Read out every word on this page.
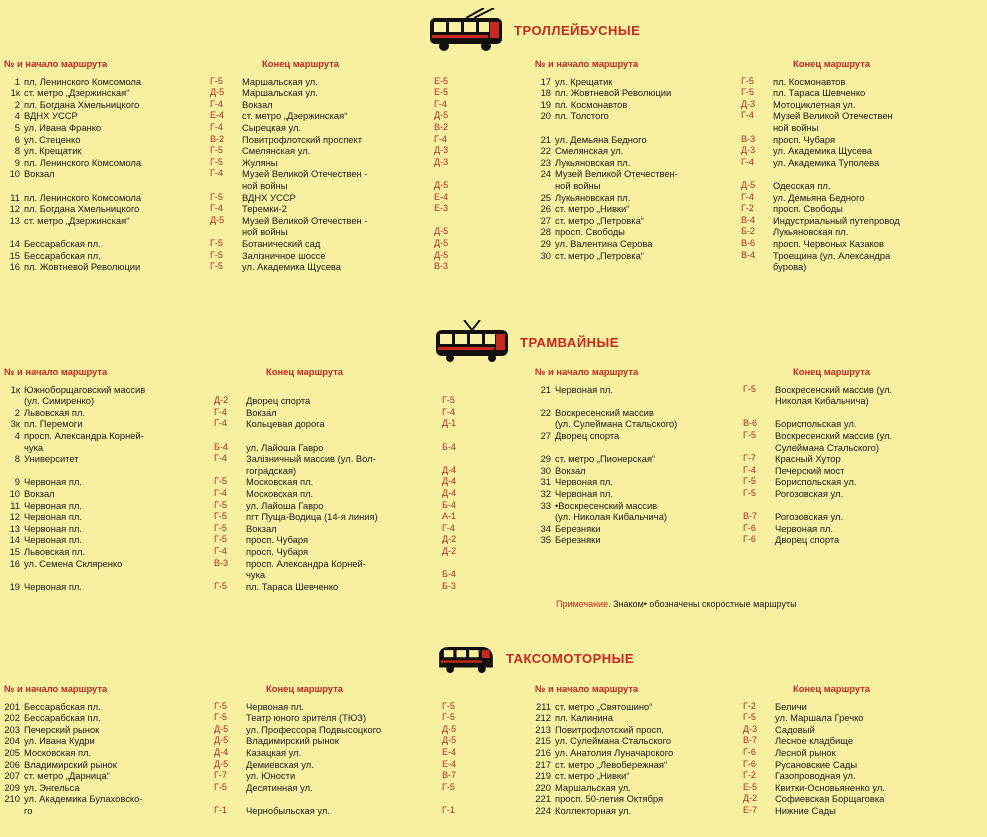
ТРОЛЛЕЙБУСНЫЕ
№ и начало маршрута	Конец маршрута
1 пл. Ленинского Комсомола	Г-5	Маршальская ул.	Е-5
1к ст. метро „Дзержинская“	Д-5	Маршальская ул.	Е-5
2 пл. Богдана Хмельницкого	Г-4	Вокзал	Г-4
4 ВДНХ УССР	Е-4	ст. метро „Дзержинская“	Д-5
5 ул. Ивана Франко	Г-4	Сырецкая ул.	В-2
6 ул. Стеценко	В-2	Повитрофлотский проспект	Г-4
8 ул. Крещатик	Г-5	Смелянская ул.	Д-3
9 пл. Ленинского Комсомола	Г-5	Жуляны	Д-3
10 Вокзал	Г-4	Музей Великой Отечествен -
ной войны	Д-5
11 пл. Ленинского Комсомола	Г-5	ВДНХ УССР	Е-4
12 пл. Богдана Хмельницкого	Г-4	Теремки-2	Е-3
13 ст. метро „Дзержинская“	Д-5	Музей Великой Отечествен -
ной войны	Д-5
14 Бессарабская пл.	Г-5	Ботанический сад	Д-5
15 Бессарабская пл.	Г-5	Залiзничное шоссе	Д-5
16 пл. Жовтневой Революции	Г-5	ул. Академика Щусева	В-3
№ и начало маршрута	Конец маршрута
17 ул. Крещатик	Г-5	пл. Космонавтов
18 пл. Жовтневой Революции	Г-5	пл. Тараса Шевченко
19 пл. Космонавтов	Д-3	Мотоциклетная ул.
20 пл. Толстого	Г-4	Музей Великой Отечествен
ной войны
21 ул. Демьяна Бедного	В-3	просп. Чубаря
22 Смелянская ул.	Д-3	ул. Академика Щусева
23 Лукьяновская пл.	Г-4	ул. Академика Туполева
24 Музей Великой Отечествен-
ной войны	Д-5	Одесская пл.
25 Лукьяновская пл.	Г-4	ул. Демьяна Бедного
26 ст. метро „Нивки“	Г-2	просп. Свободы
27 ст. метро „Петровка“	В-4	Индустриальный путепровод
28 просп. Свободы	Б-2	Лукьяновская пл.
29 ул. Валентина Серова	В-6	просп. Червоных Казаков
30 ст. метро „Петровка“	В-4	Троещина (ул. Александра
бурова)
ТРАМВАЙНЫЕ
№ и начало маршрута	Конец маршрута
1к Южноборщаговский массив
(ул. Симиренко)	Д-2	Дворец спорта	Г-5
2 Львовская пл.	Г-4	Вокзал	Г-4
3к пл. Перемоги	Г-4	Кольцевая дорога	Д-1
4 просп. Александра Корней-
чука	Б-4	ул. Лайоша Гавро	Б-4
8 Университет	Г-4	Залiзничный массив (ул. Вол-
гоградская)	Д-4
9 Червоная пл.	Г-5	Московская пл.	Д-4
10 Вокзал	Г-4	Московская пл.	Д-4
11 Червоная пл.	Г-5	ул. Лайоша Гавро	Б-4
12 Червоная пл.	Г-5	пгт Пуща-Водица (14-я линия)	А-1
13 Червоная пл.	Г-5	Вокзал	Г-4
14 Червоная пл.	Г-5	просп. Чубаря	Д-2
15 Львовская пл.	Г-4	просп. Чубаря	Д-2
16 ул. Семена Скляренко	В-3	просп. Александра Корней-
чука	Б-4
19 Червоная пл.	Г-5	пл. Тараса Шевченко	Б-3
№ и начало маршрута	Конец маршрута
21 Червоная пл.	Г-5	Воскресенский массив (ул.
Николая Кибальчича)
22 Воскресенский массив
(ул. Сулеймана Стальского)	В-6	Бориспольская ул.
27 Дворец спорта	Г-5	Воскресенский массив (ул.
Сулеймана Стальского)
29 ст. метро „Пионерская“	Г-7	Красный Хутор
30 Вокзал	Г-4	Печерский мост
31 Червоная пл.	Г-5	Бориспольская ул.
32 Червоная пл.	Г-5	Рогозовская ул.
33 •Воскресенский массив
(ул. Николая Кибальчича)	В-7	Рогозовская ул.
34 Березняки	Г-6	Червоная пл.
35 Березняки	Г-6	Дворец спорта
Примечание. Знаком• обозначены скоростные маршруты
ТАКСОМОТОРНЫЕ
№ и начало маршрута	Конец маршрута
201 Бессарабская пл.	Г-5	Червоная пл.	Г-5
202 Бессарабская пл.	Г-5	Театр юного зрителя (ТЮЗ)	Г-5
203 Печерский рынок	Д-5	ул. Профессора Подвысоцкого	Д-5
204 ул. Ивана Кудри	Д-5	Владимирский рынок	Д-5
205 Московская пл.	Д-4	Казацкая ул.	Е-4
206 Владимирский рынок	Д-5	Демиевская ул.	Е-4
207 ст. метро „Дарница“	Г-7	ул. Юности	В-7
209 ул. Энгельса	Г-5	Десятинная ул.	Г-5
210 ул. Академика Булаховско-
го	Г-1	Чернобыльская ул.	Г-1
№ и начало маршрута	Конец маршрута
211 ст. метро „Святошино“	Г-2	Беличи
212 пл. Калинина	Г-5	ул. Маршала Гречко
213 Повитрофлотский просп.	Д-3	Садовый
215 ул. Сулеймана Стальского	В-7	Лесное кладбище
216 ул. Анатолия Луначарского	Г-6	Лесной рынок
217 ст. метро „Левобережная“	Г-6	Русановские Сады
219 ст. метро „Нивки“	Г-2	Газопроводная ул.
220 Маршальская ул.	Е-5	Квитки-Основьяненко ул.
221 просп. 50-летия Октября	Д-2	Софиевская Борщаговка
224 Коллекторная ул.	Е-7	Нижние Сады
